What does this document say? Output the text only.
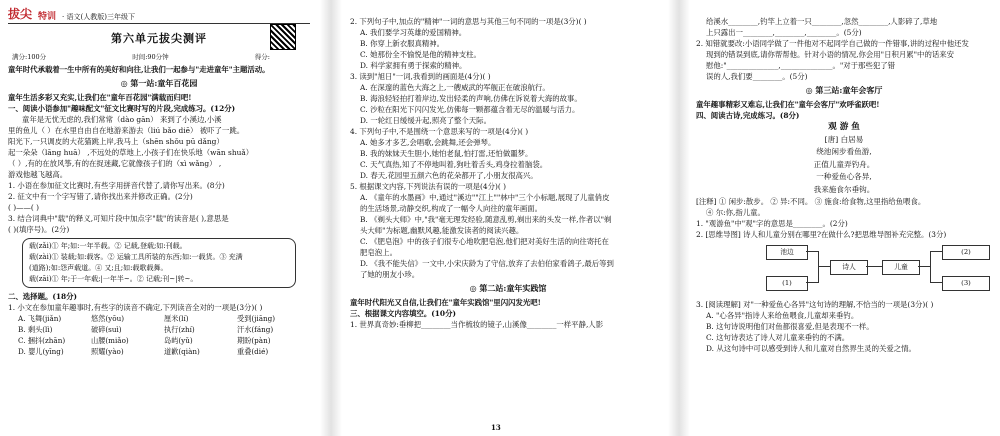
拔尖 特训 · 语文(人教版)三年级下
第六单元拔尖测评
满分:100分	时间:90分钟	得分:
童年时代承载着一生中所有的美好和向往,让我们一起参与"走进童年"主题活动。
◎ 第一站:童年百花园
童年生活多彩又充实,让我们在"童年百花园"满载而归吧!
一、阅读小语参加"趣味配文"征文比赛时写的片段,完成练习。(12分)
童年是无忧无虑的,我们常常（dào gān） 来到了小溪边,小溪
里的鱼儿（ ）在水里自由自在地游来游去（liú bǎo diē） 被吓了一跳。
阳光下,一只调皮的大花猫跳上岸,我马上（shēn shǒu pū dǎng）
起一朵朵（lāng huā） ,不远处的草地上,小孩子们在快乐地（wān shuǎ）
（ ）,有的在放风筝,有的在捉迷藏,它就像孩子们的（xì wǎng） ,
游戏他越飞越高。
1. 小语在参加征文比赛时,有些字用拼音代替了,请你写出来。(8分)
2. 征文中有一个字写错了,请你找出来并修改正确。(2分)
( )——( )
3. 结合词典中"载"的释义,可知片段中加点字"载"的读音是( ),意思是
( )(填序号)。(2分)
载(zǎi)① 年;如:一年半载。② 记载,登载;如:刊载。
载(zài)① 装载;如:载客。② 运输工具所装的东西;如:一载货。③ 充满
(道路);如:怨声载道。④ 又;且;如:载歌载舞。
载(zāi)① 年;于一年载;|一年半~。② 记载;刊~|转~。
二、选择题。(18分)
1. 小文在参加童年趣事时,有些字的读音不确定,下列读音全对的一项是(3分)( )
A. 飞舞(jiǎn)	悠然(yōu)	厘米(lí)	受到(jiāng)
B. 剩头(lì)	破碎(suì)	执行(zhí)	汗水(fáng)
C. 捆抖(zhān)	山腰(miǎo)	岛屿(yǔ)	期盼(pàn)
D. 婴儿(yīng)	照耀(yào)	道歉(qiàn)	重叠(dié)
2. 下列句子中,加点的"精神"一词的意思与其他三句不同的一项是(3分)( )
A. 我们要学习英雄的爱国精神。
B. 你穿上新衣服真精神。
C. 她那份全不愉悦是他的精神支柱。
D. 科学家拥有勇于探索的精神。
3. 读到"旭日"一词,我看到的画面是(4分)( )
A. 在深邃的蓝色大海之上,一艘威武的军舰正在破浪航行。
B. 海浪轻轻拍打着岸边,发出轻柔的声响,仿佛在诉说着大海的故事。
C. 沙粒在阳光下闪闪发光,仿佛每一颗都蕴含着无尽的温暖与活力。
D. 一轮红日缓缓升起,照亮了整个天际。
4. 下列句子中,不是围绕一个意思来写的一项是(4分)( )
A. 她多才多艺,会唱歌,会跳舞,还会弹琴。
B. 我的妹妹天生胆小,她怕老鼠,怕打雷,还怕做噩梦。
C. 天气真热,知了不停地叫着,狗吐着舌头,鸡身拉着脑袋。
D. 春天,花园里五颜六色的花朵都开了,小朋友很高兴。
5. 根据课文内容,下列说法有误的一项是(4分)( )
A. 《童年的水墨画》中,通过"溪边""江上""林中"三个小标题,展现了儿童俏皮
的生活场景,动静交织,构成了一幅令人向往的童年画面。
B. 《剃头大师》中,"我"毫无理发经验,随意乱剪,剃出来的头发一样,作者以"剃
头大师"为标题,幽默风趣,能激发读者的阅读兴趣。
C. 《肥皂泡》中的孩子们很专心地吹肥皂泡,他们把对美好生活的向往寄托在
肥皂泡上。
D. 《我不能失信》一文中,小宋庆龄为了守信,放弃了去伯伯家看鸽子,最后等到
了她的朋友小珍。
◎ 第二站:童年实践馆
童年时代阳光又自信,让我们在"童年实践馆"里闪闪发光吧!
三、根据课文内容填空。(10分)
1. 世界真奇妙:垂柳把________当作梳妆的镜子,山溪像________一样平静,人影
13
给溪水________,钓竿上立着一只________,忽然________,人影碎了,草地
上只露出一________,________,________。(5分)
2. 知错就要改:小语同学做了一件他对不起同学自己做的一件错事,讲的过程中他还发
现到的错误到底,请你帮帮他。针对小语的情况,你会用"日积月累"中的话来安
慰他:"______________,______________。"对于那些犯了错
误的人,我们要________。(5分)
◎ 第三站:童年会客厅
童年趣事精彩又难忘,让我们在"童年会客厅"欢呼雀跃吧!
四、阅读古诗,完成练习。(8分)
观 游 鱼
[唐] 白居易
绕池闲步看鱼游,
正值儿童弄钓舟。
一种爱鱼心各异,
我来施食尔垂钩。
[注释] ① 闲步:散步。 ② 异:不同。 ③ 施食:给食物,这里指给鱼喂食。
④ 尔:你,指儿童。
1. "观游鱼"中"观"字的意思是________。(2分)
2. [思维导图] 诗人和儿童分别在哪里?在做什么?把思维导图补充完整。(3分)
池边
(1)
诗人	儿童
(2)
(3)
3. [阅读理解] 对"一种爱鱼心各异"这句诗的理解,不恰当的一项是(3分)( )
A. "心各异"指诗人来给鱼喂食,儿童却来垂钓。
B. 这句诗说明他们对鱼都很喜爱,但是表现不一样。
C. 这句诗表达了诗人对儿童来垂钓的不满。
D. 从这句诗中可以感受到诗人和儿童对自然界生灵的关爱之情。
